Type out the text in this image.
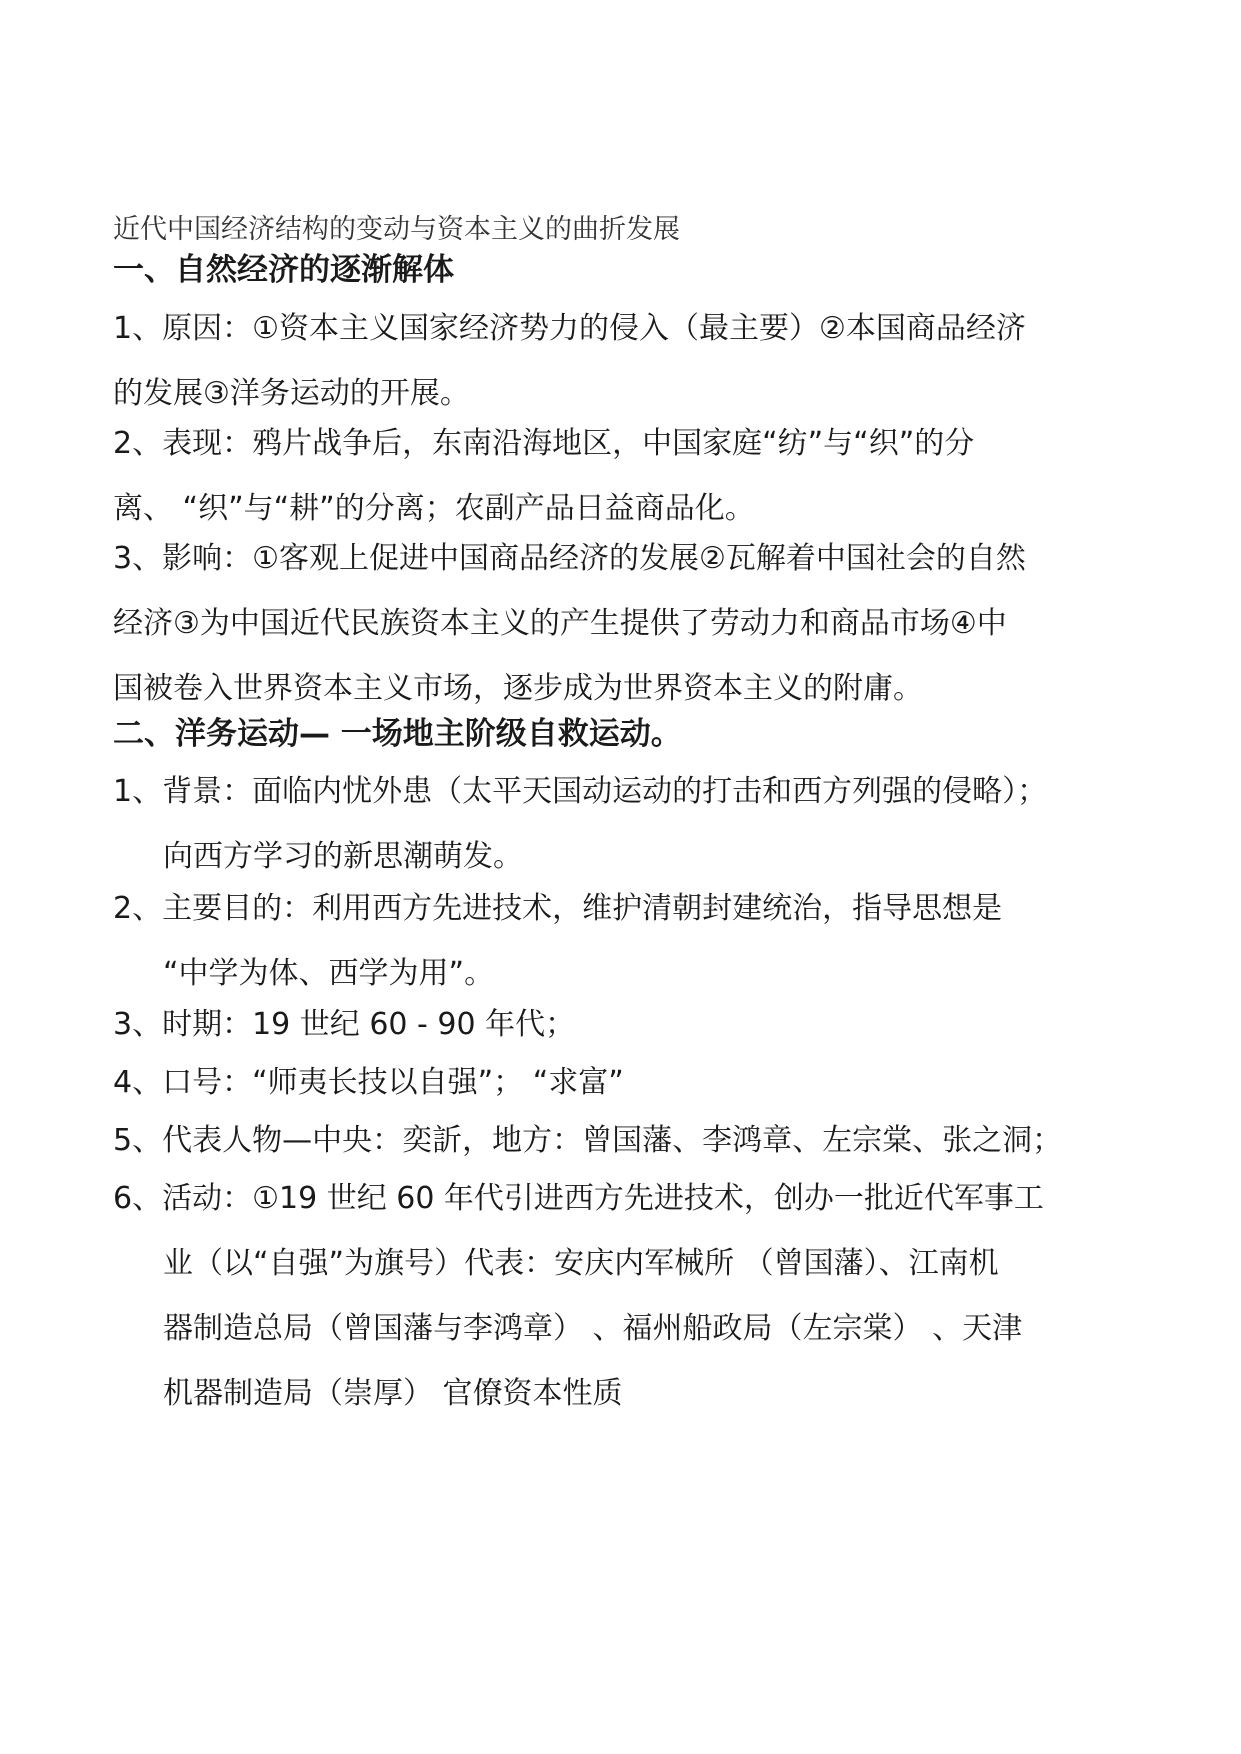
近代中国经济结构的变动与资本主义的曲折发展
一、自然经济的逐渐解体
1、原因：①资本主义国家经济势力的侵入（最主要）②本国商品经济
的发展③洋务运动的开展。
2、表现：鸦片战争后，东南沿海地区，中国家庭“纺”与“织”的分
离、 “织”与“耕”的分离；农副产品日益商品化。
3、影响：①客观上促进中国商品经济的发展②瓦解着中国社会的自然
经济③为中国近代民族资本主义的产生提供了劳动力和商品市场④中
国被卷入世界资本主义市场，逐步成为世界资本主义的附庸。
二、洋务运动— 一场地主阶级自救运动。
1、背景：面临内忧外患（太平天国动运动的打击和西方列强的侵略）；
向西方学习的新思潮萌发。
2、主要目的：利用西方先进技术，维护清朝封建统治，指导思想是
“中学为体、西学为用”。
3、时期：19 世纪 60 - 90 年代；
4、口号：“师夷长技以自强”； “求富”
5、代表人物—中央：奕訢，地方：曾国藩、李鸿章、左宗棠、张之洞；
6、活动：①19 世纪 60 年代引进西方先进技术，创办一批近代军事工
业（以“自强”为旗号）代表：安庆内军械所 （曾国藩）、江南机
器制造总局（曾国藩与李鸿章） 、福州船政局（左宗棠） 、天津
机器制造局（崇厚） 官僚资本性质
